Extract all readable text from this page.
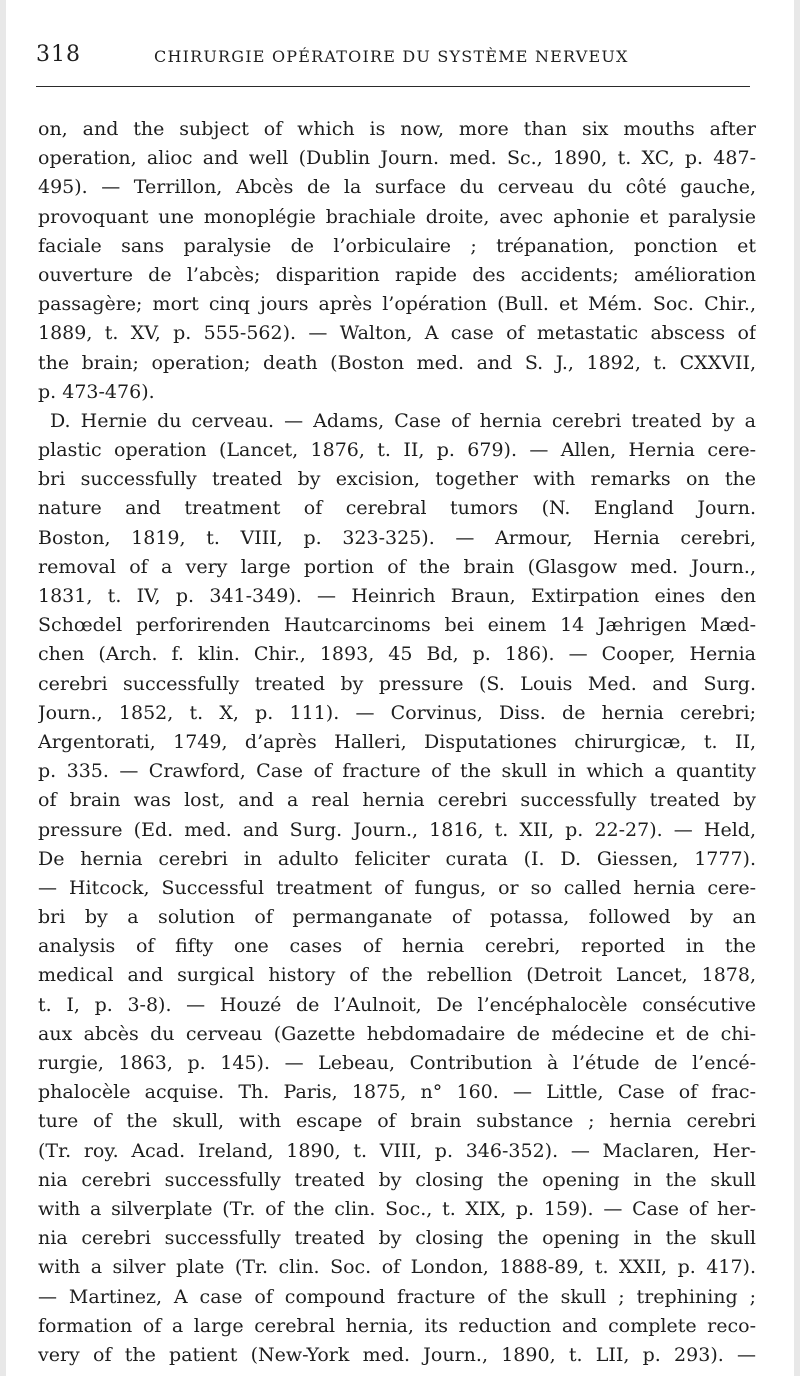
318	CHIRURGIE OPÉRATOIRE DU SYSTÈME NERVEUX
on, and the subject of which is now, more than six mouths after
operation, alioc and well (Dublin Journ. med. Sc., 1890, t. XC, p. 487-
495). — Terrillon, Abcès de la surface du cerveau du côté gauche,
provoquant une monoplégie brachiale droite, avec aphonie et paralysie
faciale sans paralysie de l’orbiculaire ; trépanation, ponction et
ouverture de l’abcès; disparition rapide des accidents; amélioration
passagère; mort cinq jours après l’opération (Bull. et Mém. Soc. Chir.,
1889, t. XV, p. 555-562). — Walton, A case of metastatic abscess of
the brain; operation; death (Boston med. and S. J., 1892, t. CXXVII,
p. 473-476).
D. Hernie du cerveau. — Adams, Case of hernia cerebri treated by a
plastic operation (Lancet, 1876, t. II, p. 679). — Allen, Hernia cere-
bri successfully treated by excision, together with remarks on the
nature and treatment of cerebral tumors (N. England Journ.
Boston, 1819, t. VIII, p. 323-325). — Armour, Hernia cerebri,
removal of a very large portion of the brain (Glasgow med. Journ.,
1831, t. IV, p. 341-349). — Heinrich Braun, Extirpation eines den
Schœdel perforirenden Hautcarcinoms bei einem 14 Jæhrigen Mæd-
chen (Arch. f. klin. Chir., 1893, 45 Bd, p. 186). — Cooper, Hernia
cerebri successfully treated by pressure (S. Louis Med. and Surg.
Journ., 1852, t. X, p. 111). — Corvinus, Diss. de hernia cerebri;
Argentorati, 1749, d’après Halleri, Disputationes chirurgicæ, t. II,
p. 335. — Crawford, Case of fracture of the skull in which a quantity
of brain was lost, and a real hernia cerebri successfully treated by
pressure (Ed. med. and Surg. Journ., 1816, t. XII, p. 22-27). — Held,
De hernia cerebri in adulto feliciter curata (I. D. Giessen, 1777).
— Hitcock, Successful treatment of fungus, or so called hernia cere-
bri by a solution of permanganate of potassa, followed by an
analysis of fifty one cases of hernia cerebri, reported in the
medical and surgical history of the rebellion (Detroit Lancet, 1878,
t. I, p. 3-8). — Houzé de l’Aulnoit, De l’encéphalocèle consécutive
aux abcès du cerveau (Gazette hebdomadaire de médecine et de chi-
rurgie, 1863, p. 145). — Lebeau, Contribution à l’étude de l’encé-
phalocèle acquise. Th. Paris, 1875, n° 160. — Little, Case of frac-
ture of the skull, with escape of brain substance ; hernia cerebri
(Tr. roy. Acad. Ireland, 1890, t. VIII, p. 346-352). — Maclaren, Her-
nia cerebri successfully treated by closing the opening in the skull
with a silverplate (Tr. of the clin. Soc., t. XIX, p. 159). — Case of her-
nia cerebri successfully treated by closing the opening in the skull
with a silver plate (Tr. clin. Soc. of London, 1888-89, t. XXII, p. 417).
— Martinez, A case of compound fracture of the skull ; trephining ;
formation of a large cerebral hernia, its reduction and complete reco-
very of the patient (New-York med. Journ., 1890, t. LII, p. 293). —
